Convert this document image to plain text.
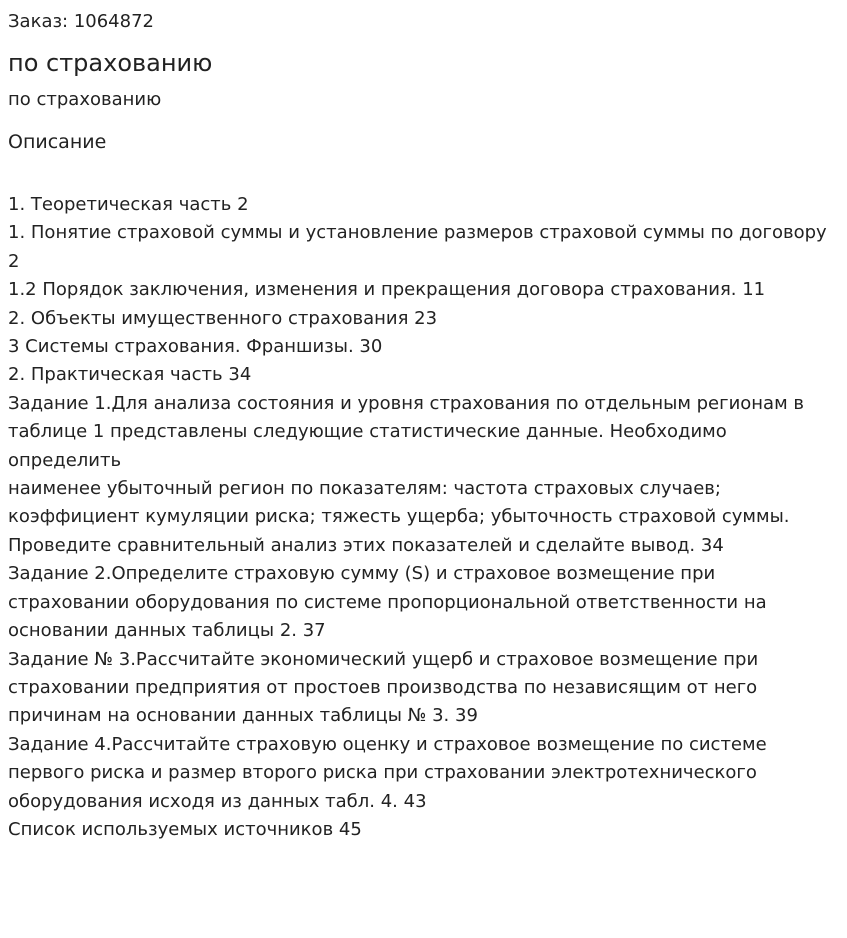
Заказ: 1064872
по страхованию
по страхованию
Описание

1. Теоретическая часть 2

1. Понятие страховой суммы и установление размеров страховой суммы по договору 2

1.2 Порядок заключения, изменения и прекращения договора страхования. 11

2. Объекты имущественного страхования 23

3 Системы страхования. Франшизы. 30

2. Практическая часть 34

Задание 1.Для анализа состояния и уровня страхования по отдельным регионам в таблице 1 представлены следующие статистические данные. Необходимо определить

наименее убыточный регион по показателям: частота страховых случаев; коэффициент кумуляции риска; тяжесть ущерба; убыточность страховой суммы. Проведите сравнительный анализ этих показателей и сделайте вывод. 34

Задание 2.Определите страховую сумму (S) и страховое возмещение при страховании оборудования по системе пропорциональной ответственности на основании данных таблицы 2. 37

Задание № 3.Рассчитайте экономический ущерб и страховое возмещение при страховании предприятия от простоев производства по независящим от него причинам на основании данных таблицы № 3. 39

Задание 4.Рассчитайте страховую оценку и страховое возмещение по системе первого риска и размер второго риска при страховании электротехнического оборудования исходя из данных табл. 4. 43

Список используемых источников 45
